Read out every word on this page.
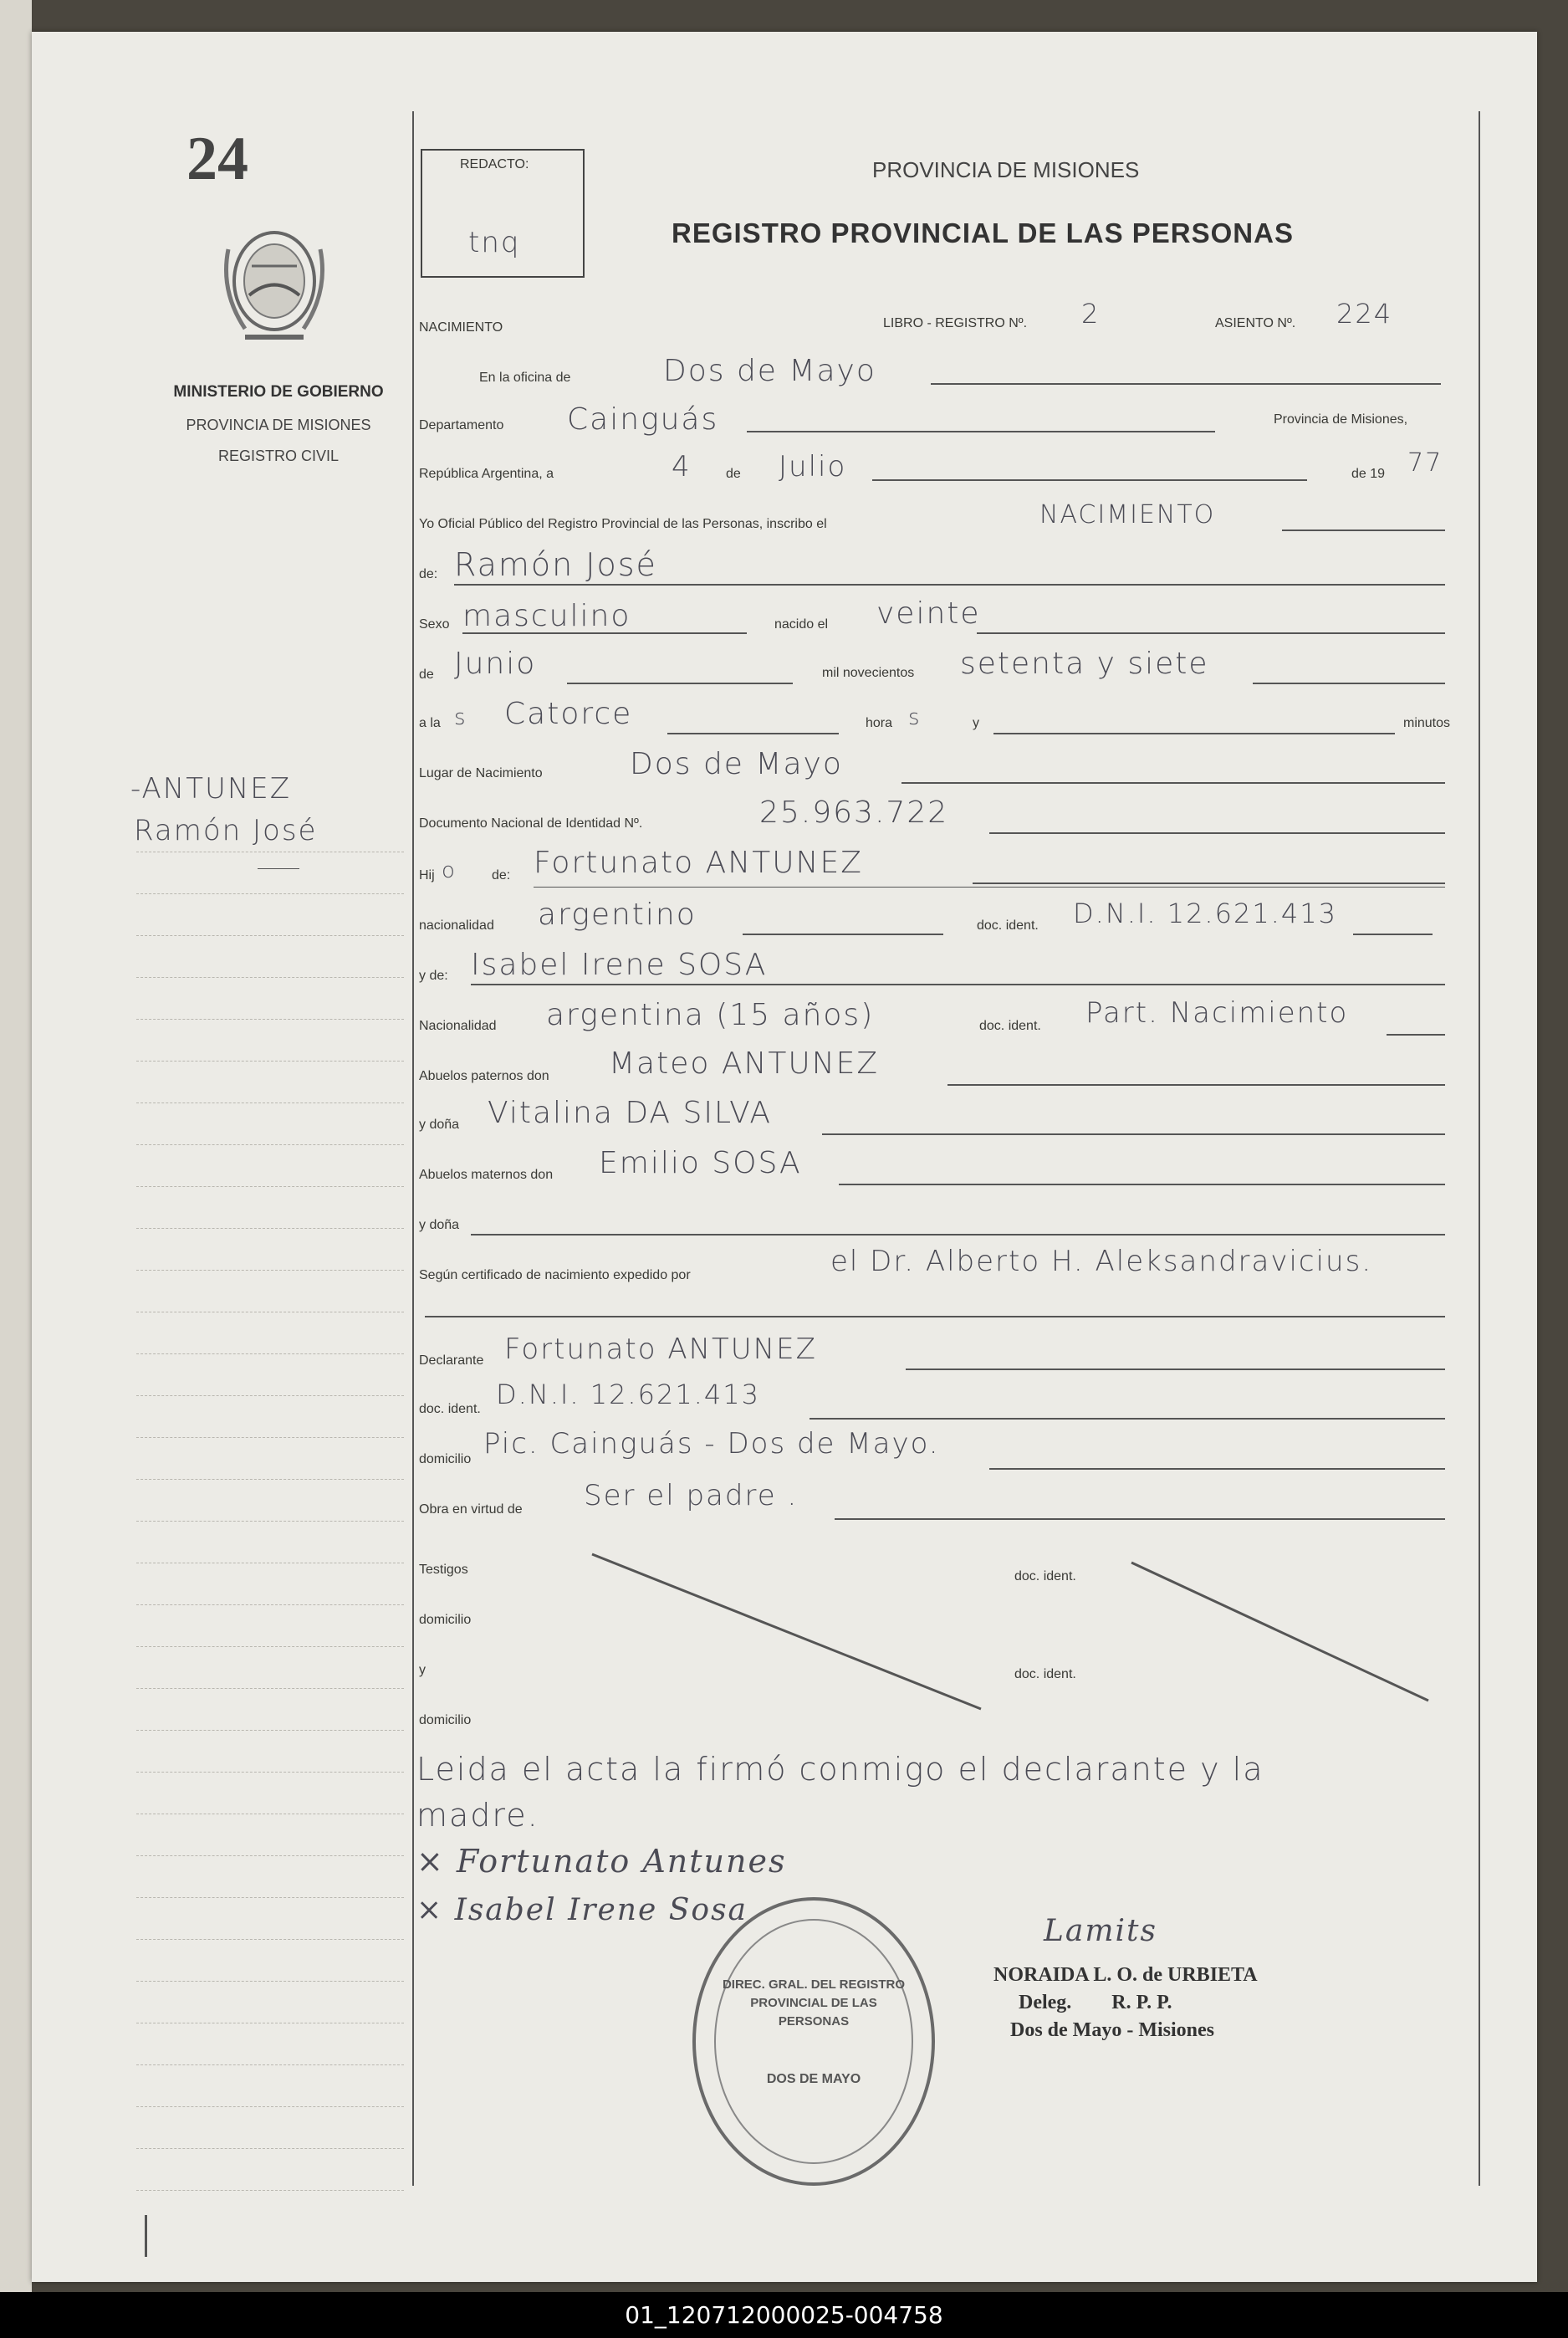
24
MINISTERIO DE GOBIERNO
PROVINCIA DE MISIONES
REGISTRO CIVIL
-ANTUNEZ
Ramón José
REDACTO:
tnq
PROVINCIA DE MISIONES
REGISTRO PROVINCIAL DE LAS PERSONAS
NACIMIENTO	LIBRO - REGISTRO Nº. 2	ASIENTO Nº. 224
En la oficina de	Dos de Mayo
Departamento Cainguás	Provincia de Misiones,
República Argentina, a	4	de Julio	de 19 77
Yo Oficial Público del Registro Provincial de las Personas, inscribo el	NACIMIENTO
de: Ramón José
Sexo masculino	nacido el veinte
de Junio	mil novecientos setenta y siete
a la s Catorce	hora s	y	minutos
Lugar de Nacimiento	Dos de Mayo
Documento Nacional de Identidad Nº.	25.963.722
Hij o	de: Fortunato ANTUNEZ
nacionalidad argentino	doc. ident. D.N.I. 12.621.413
y de: Isabel Irene SOSA
Nacionalidad argentina (15 años)	doc. ident. Part. Nacimiento
Abuelos paternos don Mateo ANTUNEZ
y doña Vitalina DA SILVA
Abuelos maternos don Emilio SOSA
y doña
Según certificado de nacimiento expedido por	el Dr. Alberto H. Aleksandravicius.
Declarante Fortunato ANTUNEZ
doc. ident. D.N.I. 12.621.413
domicilio Pic. Cainguás - Dos de Mayo.
Obra en virtud de Ser el padre .
Testigos	doc. ident.
domicilio
y	doc. ident.
domicilio
Leida el acta la firmó conmigo el declarante y la
madre.
× Fortunato Antunes
× Isabel Irene Sosa
DIREC. GRAL. DEL REGISTRO PROVINCIAL DE LAS PERSONAS
DOS DE MAYO
Lamits
NORAIDA L. O. de URBIETA
Deleg.        R. P. P.
Dos de Mayo - Misiones
01_120712000025-004758
